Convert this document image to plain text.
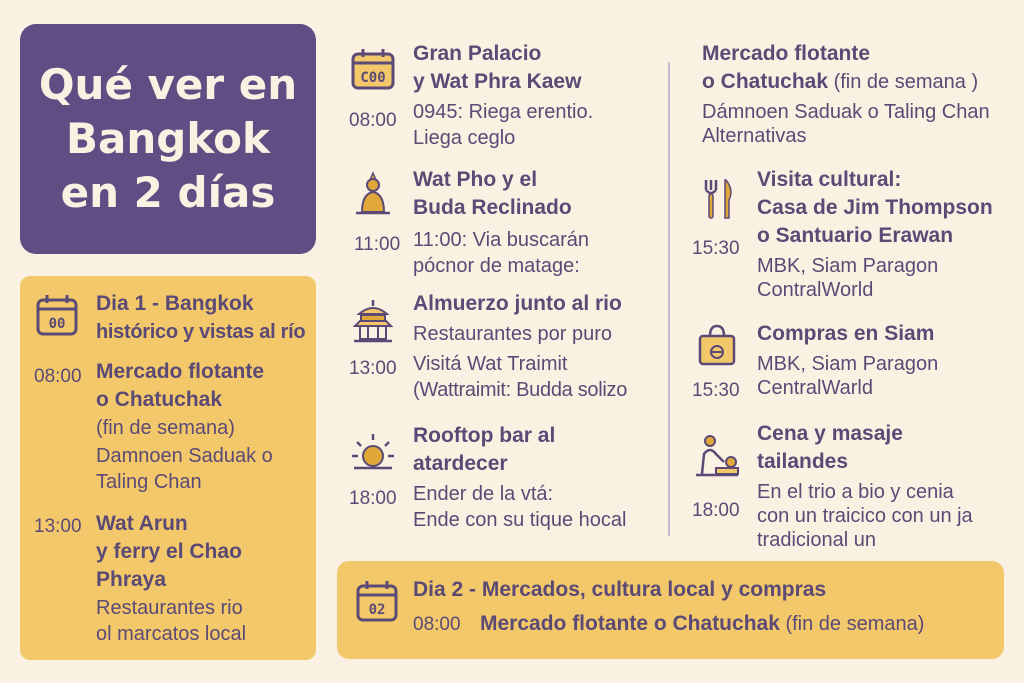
Qué ver en
Bangkok
en 2 días
00
Dia 1 - Bangkok
histórico y vistas al río
08:00 Mercado flotante
o Chatuchak
(fin de semana)
Damnoen Saduak o
Taling Chan
13:00 Wat Arun
y ferry el Chao
Phraya
Restaurantes rio
ol marcatos local
C00
Gran Palacio
y Wat Phra Kaew
08:00 0945: Riega erentio.
Liega ceglo
Wat Pho y el
Buda Reclinado
11:00 11:00: Via buscarán
pócnor de matage:
Almuerzo junto al rio
Restaurantes por puro
13:00 Visitá Wat Traimit
(Wattraimit: Budda solizo
Rooftop bar al
atardecer
18:00 Ender de la vtá:
Ende con su tique hocal
Mercado flotante
o Chatuchak (fin de semana )
Dámnoen Saduak o Taling Chan
Alternativas
Visita cultural:
Casa de Jim Thompson
o Santuario Erawan
15:30
MBK, Siam Paragon
ContralWorld
Compras en Siam
MBK, Siam Paragon
15:30 CentralWarld
Cena y masaje
tailandes
En el trio a bio y cenia
18:00 con un traicico con un ja
tradicional un
02
Dia 2 - Mercados, cultura local y compras
08:00 Mercado flotante o Chatuchak (fin de semana)
